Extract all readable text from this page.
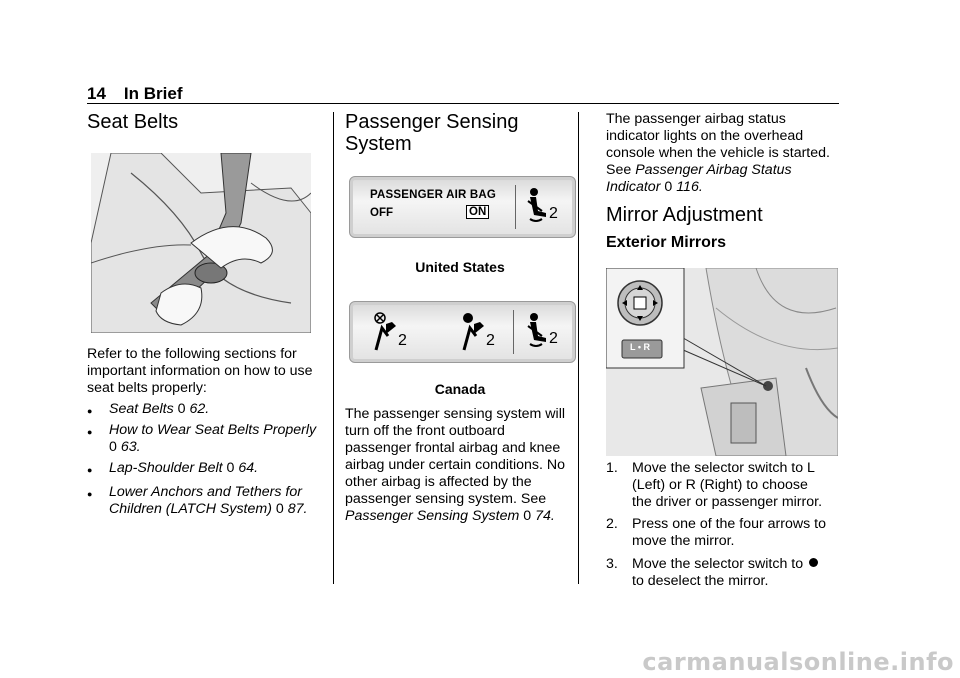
14 In Brief
Seat Belts
Refer to the following sections for important information on how to use seat belts properly:
● Seat Belts 0 62.
● How to Wear Seat Belts Properly 0 63.
● Lap-Shoulder Belt 0 64.
● Lower Anchors and Tethers for Children (LATCH System) 0 87.
Passenger Sensing
System
PASSENGER AIR BAG
OFF	ON	2
United States
2	2	2
Canada
The passenger sensing system will turn off the front outboard passenger frontal airbag and knee airbag under certain conditions. No other airbag is affected by the passenger sensing system. See Passenger Sensing System 0 74.
The passenger airbag status
indicator lights on the overhead
console when the vehicle is started.
See Passenger Airbag Status
Indicator 0 116.
Mirror Adjustment
Exterior Mirrors
L • R
1. Move the selector switch to L
(Left) or R (Right) to choose
the driver or passenger mirror.
2. Press one of the four arrows to
move the mirror.
3. Move the selector switch to
to deselect the mirror.
carmanualsonline.info
